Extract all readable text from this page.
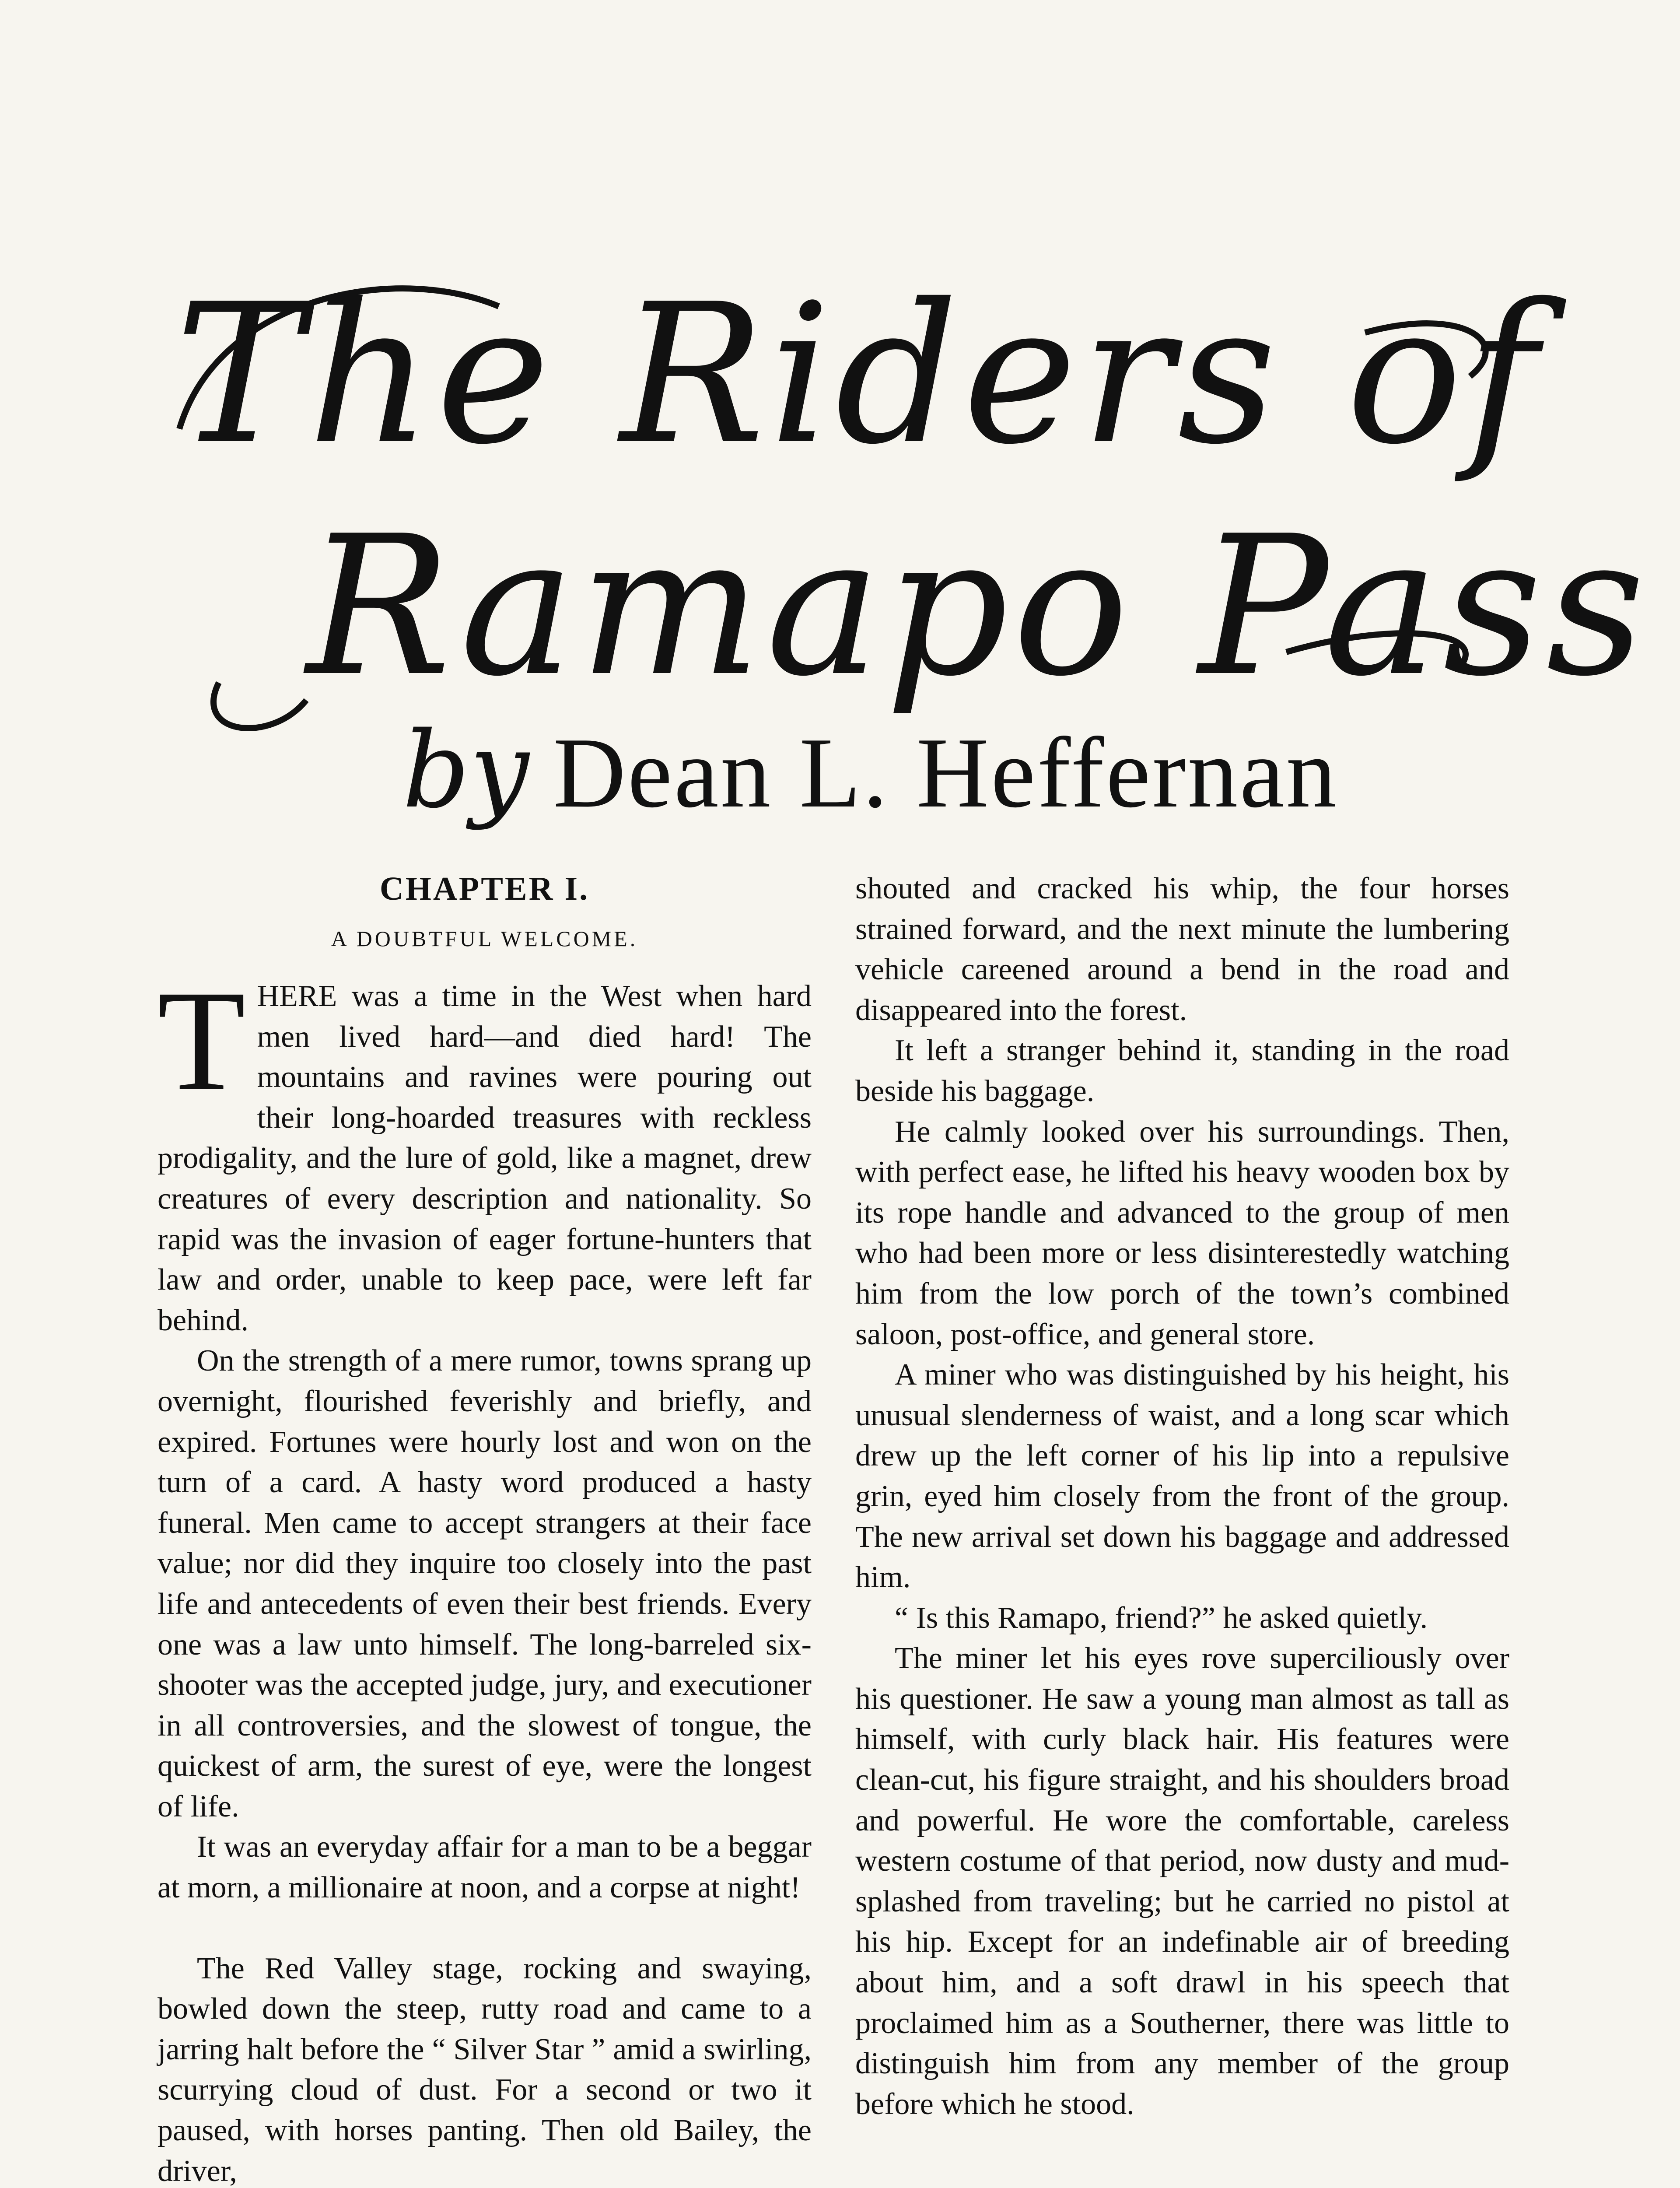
The Riders of
Ramapo Pass
by Dean L. Heffernan
CHAPTER I.
A DOUBTFUL WELCOME.

THERE was a time in the West when hard men lived hard—and died hard! The mountains and ravines were pouring out their long-hoarded treasures with reckless prodigality, and the lure of gold, like a magnet, drew creatures of every description and nationality. So rapid was the invasion of eager fortune-hunters that law and order, unable to keep pace, were left far behind.

On the strength of a mere rumor, towns sprang up overnight, flourished feverishly and briefly, and expired. Fortunes were hourly lost and won on the turn of a card. A hasty word produced a hasty funeral. Men came to accept strangers at their face value; nor did they inquire too closely into the past life and antecedents of even their best friends. Every one was a law unto himself. The long-barreled six-shooter was the accepted judge, jury, and executioner in all controversies, and the slowest of tongue, the quickest of arm, the surest of eye, were the longest of life.

It was an everyday affair for a man to be a beggar at morn, a millionaire at noon, and a corpse at night!

The Red Valley stage, rocking and swaying, bowled down the steep, rutty road and came to a jarring halt before the “ Silver Star ” amid a swirling, scurrying cloud of dust. For a second or two it paused, with horses panting. Then old Bailey, the driver,

shouted and cracked his whip, the four horses strained forward, and the next minute the lumbering vehicle careened around a bend in the road and disappeared into the forest.

It left a stranger behind it, standing in the road beside his baggage.

He calmly looked over his surroundings. Then, with perfect ease, he lifted his heavy wooden box by its rope handle and advanced to the group of men who had been more or less disinterestedly watching him from the low porch of the town’s combined saloon, post-office, and general store.

A miner who was distinguished by his height, his unusual slenderness of waist, and a long scar which drew up the left corner of his lip into a repulsive grin, eyed him closely from the front of the group. The new arrival set down his baggage and addressed him.

“ Is this Ramapo, friend?” he asked quietly.

The miner let his eyes rove superciliously over his questioner. He saw a young man almost as tall as himself, with curly black hair. His features were clean-cut, his figure straight, and his shoulders broad and powerful. He wore the comfortable, careless western costume of that period, now dusty and mud-splashed from traveling; but he carried no pistol at his hip. Except for an indefinable air of breeding about him, and a soft drawl in his speech that proclaimed him as a Southerner, there was little to distinguish him from any member of the group before which he stood.
